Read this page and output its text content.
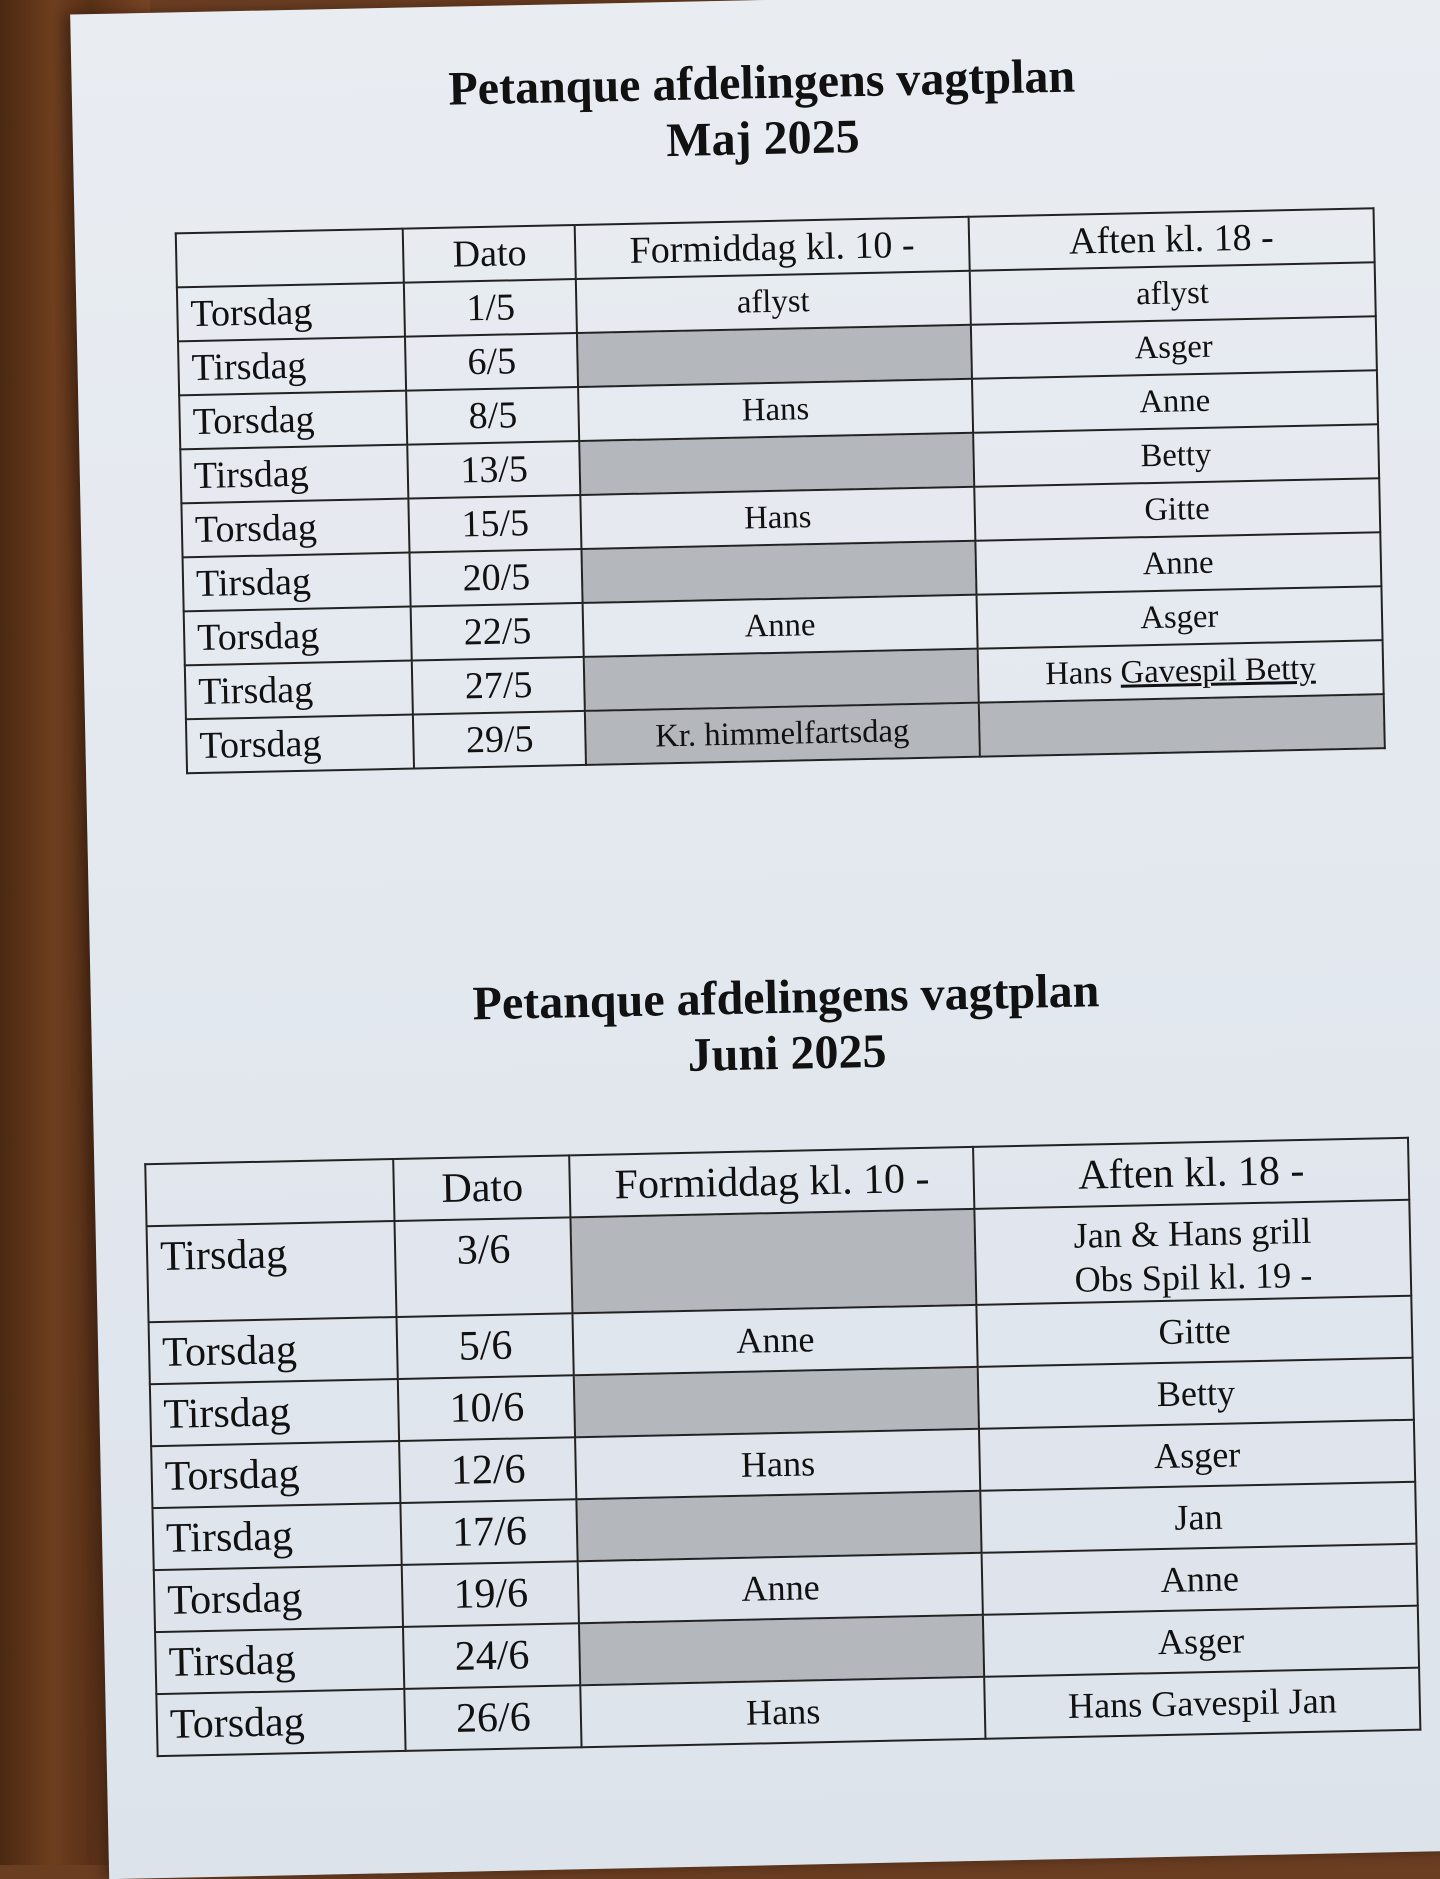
Petanque afdelingens vagtplan

Maj 2025

	Dato	Formiddag kl. 10 -	Aften kl. 18 -
Torsdag	1/5	aflyst	aflyst
Tirsdag	6/5		Asger
Torsdag	8/5	Hans	Anne
Tirsdag	13/5		Betty
Torsdag	15/5	Hans	Gitte
Tirsdag	20/5		Anne
Torsdag	22/5	Anne	Asger
Tirsdag	27/5		Hans Gavespil Betty
Torsdag	29/5	Kr. himmelfartsdag	

Petanque afdelingens vagtplan

Juni 2025

	Dato	Formiddag kl. 10 -	Aften kl. 18 -
Tirsdag	3/6		Jan & Hans grill
Obs Spil kl. 19 -

Torsdag	5/6	Anne	Gitte
Tirsdag	10/6		Betty
Torsdag	12/6	Hans	Asger
Tirsdag	17/6		Jan
Torsdag	19/6	Anne	Anne
Tirsdag	24/6		Asger
Torsdag	26/6	Hans	Hans Gavespil Jan
